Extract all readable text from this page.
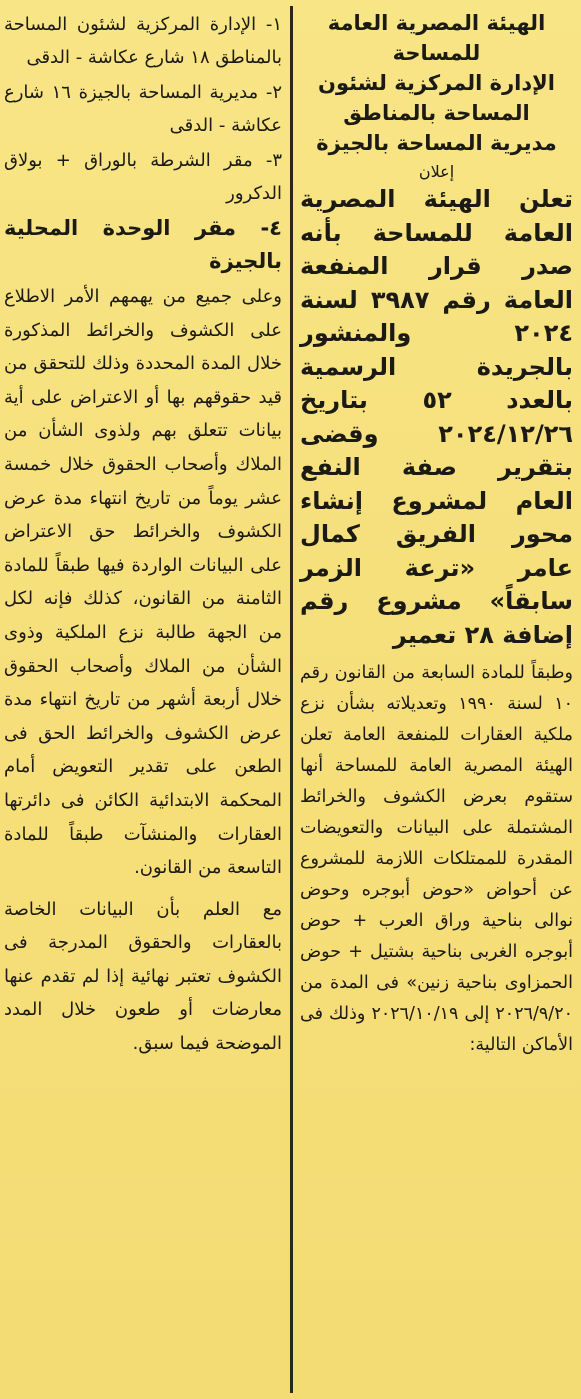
الهيئة المصرية العامة للمساحة

الإدارة المركزية لشئون المساحة بالمناطق

مديرية المساحة بالجيزة

إعلان

تعلن الهيئة المصرية العامة للمساحة بأنه صدر قرار المنفعة العامة رقم ٣٩٨٧ لسنة ٢٠٢٤ والمنشور بالجريدة الرسمية بالعدد ٥٢ بتاريخ ٢٠٢٤/١٢/٢٦ وقضى بتقرير صفة النفع العام لمشروع إنشاء محور الفريق كمال عامر «ترعة الزمر سابقاً» مشروع رقم إضافة ٢٨ تعمير

وطبقاً للمادة السابعة من القانون رقم ١٠ لسنة ١٩٩٠ وتعديلاته بشأن نزع ملكية العقارات للمنفعة العامة تعلن الهيئة المصرية العامة للمساحة أنها ستقوم بعرض الكشوف والخرائط المشتملة على البيانات والتعويضات المقدرة للممتلكات اللازمة للمشروع عن أحواض «حوض أبوجره وحوض نوالى بناحية وراق العرب + حوض أبوجره الغربى بناحية بشتيل + حوض الحمزاوى بناحية زنين» فى المدة من ٢٠٢٦/٩/٢٠ إلى ٢٠٢٦/١٠/١٩ وذلك فى الأماكن التالية:

١- الإدارة المركزية لشئون المساحة بالمناطق ١٨ شارع عكاشة - الدقى

٢- مديرية المساحة بالجيزة ١٦ شارع عكاشة - الدقى

٣- مقر الشرطة بالوراق + بولاق الدكرور

٤- مقر الوحدة المحلية بالجيزة

وعلى جميع من يهمهم الأمر الاطلاع على الكشوف والخرائط المذكورة خلال المدة المحددة وذلك للتحقق من قيد حقوقهم بها أو الاعتراض على أية بيانات تتعلق بهم ولذوى الشأن من الملاك وأصحاب الحقوق خلال خمسة عشر يوماً من تاريخ انتهاء مدة عرض الكشوف والخرائط حق الاعتراض على البيانات الواردة فيها طبقاً للمادة الثامنة من القانون، كذلك فإنه لكل من الجهة طالبة نزع الملكية وذوى الشأن من الملاك وأصحاب الحقوق خلال أربعة أشهر من تاريخ انتهاء مدة عرض الكشوف والخرائط الحق فى الطعن على تقدير التعويض أمام المحكمة الابتدائية الكائن فى دائرتها العقارات والمنشآت طبقاً للمادة التاسعة من القانون.

مع العلم بأن البيانات الخاصة بالعقارات والحقوق المدرجة فى الكشوف تعتبر نهائية إذا لم تقدم عنها معارضات أو طعون خلال المدد الموضحة فيما سبق.
